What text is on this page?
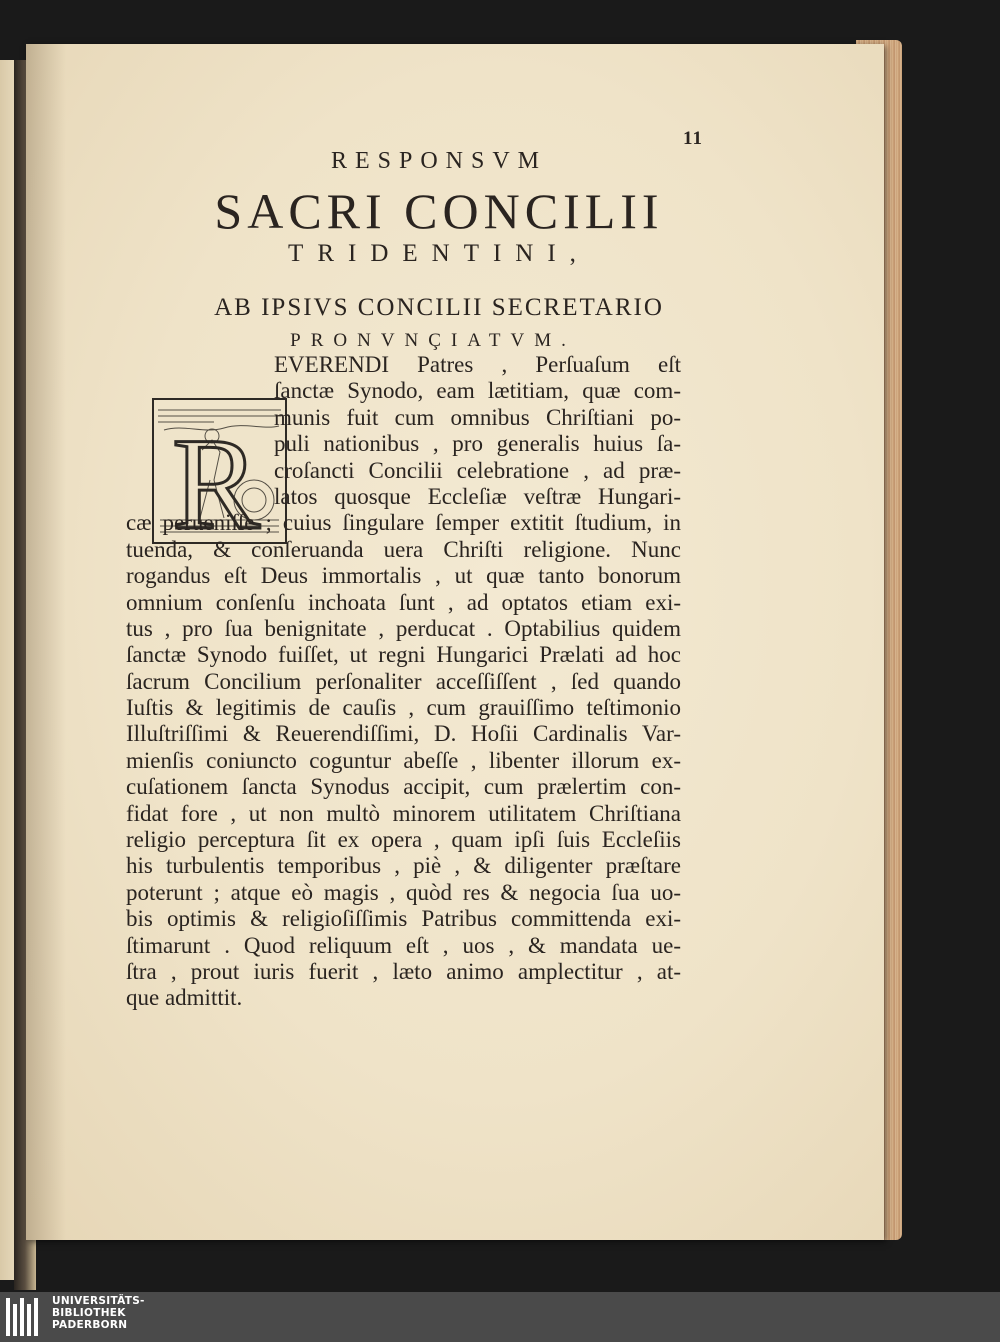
11
RESPONSVM
SACRI CONCILII
TRIDENTINI,
AB IPSIVS CONCILII SECRETARIO
PRONVNÇIATVM.
R
EVERENDI Patres , Perſuaſum eſt
ſanctæ Synodo, eam lætitiam, quæ com-
munis fuit cum omnibus Chriſtiani po-
puli nationibus , pro generalis huius ſa-
croſancti Concilii celebratione , ad præ-
latos quosque Eccleſiæ veſtræ Hungari-
cæ perueniſſe ; cuius ſingulare ſemper extitit ſtudium, in
tuenda, & conſeruanda uera Chriſti religione. Nunc
rogandus eſt Deus immortalis , ut quæ tanto bonorum
omnium conſenſu inchoata ſunt , ad optatos etiam exi-
tus , pro ſua benignitate , perducat . Optabilius quidem
ſanctæ Synodo fuiſſet, ut regni Hungarici Prælati ad hoc
ſacrum Concilium perſonaliter acceſſiſſent , ſed quando
Iuſtis & legitimis de cauſis , cum grauiſſimo teſtimonio
Illuſtriſſimi & Reuerendiſſimi, D. Hoſii Cardinalis Var-
mienſis coniuncto coguntur abeſſe , libenter illorum ex-
cuſationem ſancta Synodus accipit, cum prælertim con-
fidat fore , ut non multò minorem utilitatem Chriſtiana
religio perceptura ſit ex opera , quam ipſi ſuis Eccleſiis
his turbulentis temporibus , piè , & diligenter præſtare
poterunt ; atque eò magis , quòd res & negocia ſua uo-
bis optimis & religioſiſſimis Patribus committenda exi-
ſtimarunt . Quod reliquum eſt , uos , & mandata ue-
ſtra , prout iuris fuerit , læto animo amplectitur , at-
que admittit.
UNIVERSITÄTS-
BIBLIOTHEK
PADERBORN
